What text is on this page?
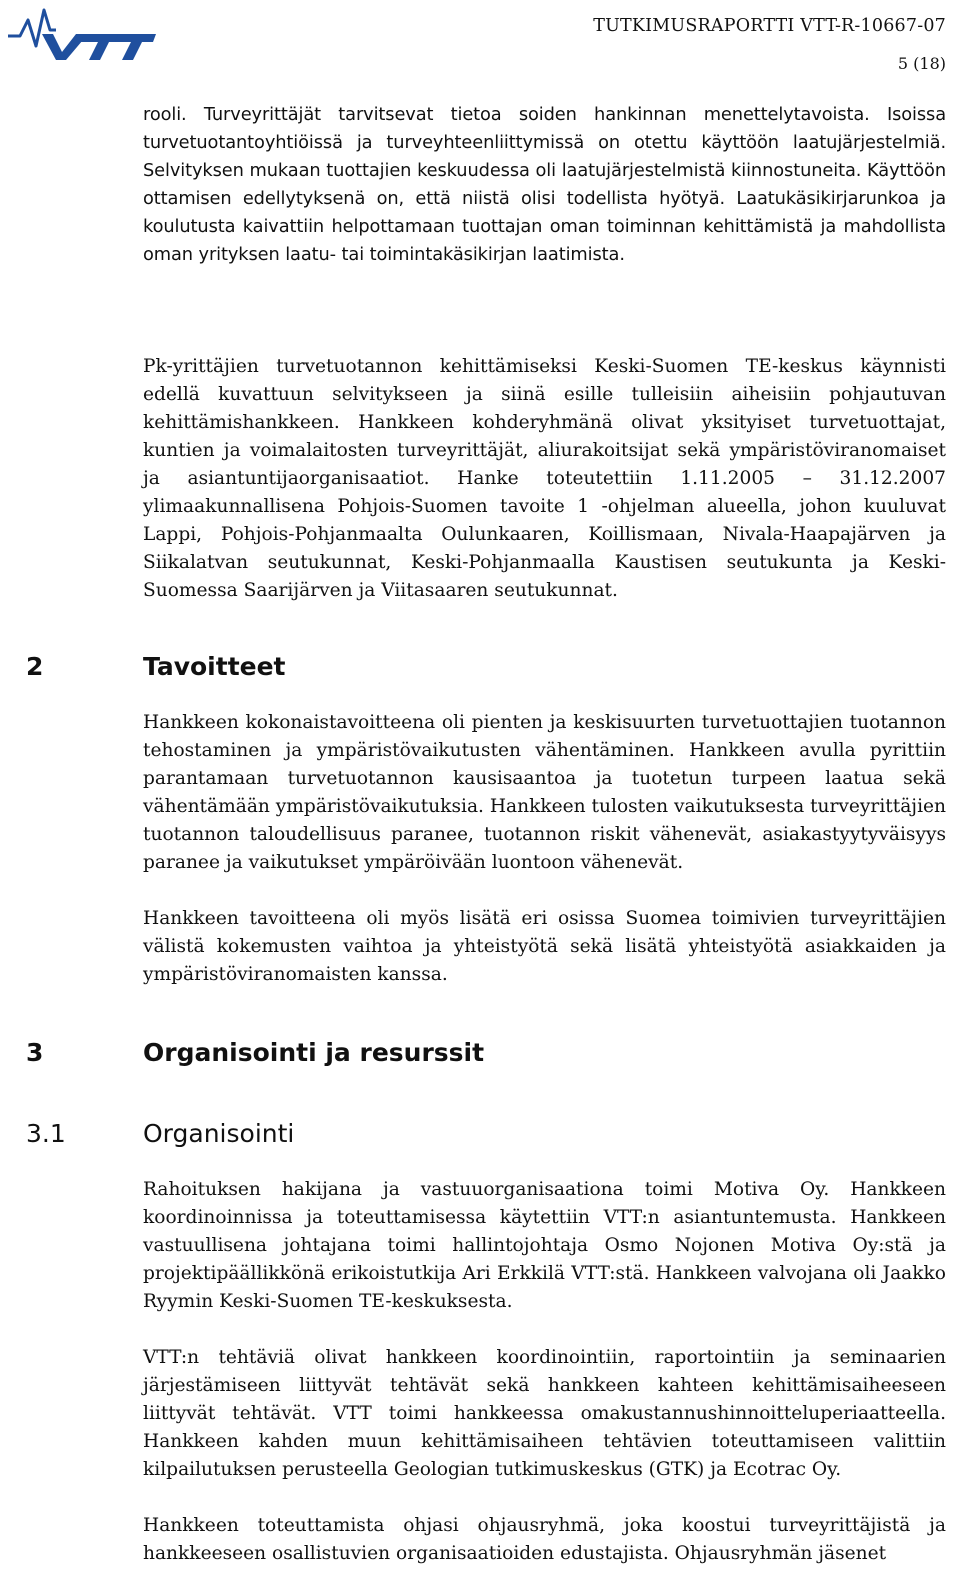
VTT
TUTKIMUSRAPORTTI VTT-R-10667-07
5 (18)

rooli. Turveyrittäjät tarvitsevat tietoa soiden hankinnan menettelytavoista. Isoissa turvetuotantoyhtiöissä ja turveyhteenliittymissä on otettu käyttöön laatujärjestelmiä. Selvityksen mukaan tuottajien keskuudessa oli laatujärjestelmistä kiinnostuneita. Käyttöön ottamisen edellytyksenä on, että niistä olisi todellista hyötyä. Laatukäsikirjarunkoa ja koulutusta kaivattiin helpottamaan tuottajan oman toiminnan kehittämistä ja mahdollista oman yrityksen laatu- tai toimintakäsikirjan laatimista.

Pk-yrittäjien turvetuotannon kehittämiseksi Keski-Suomen TE-keskus käynnisti edellä kuvattuun selvitykseen ja siinä esille tulleisiin aiheisiin pohjautuvan kehittämishankkeen. Hankkeen kohderyhmänä olivat yksityiset turvetuottajat, kuntien ja voimalaitosten turveyrittäjät, aliurakoitsijat sekä ympäristöviranomaiset ja asiantuntijaorganisaatiot. Hanke toteutettiin 1.11.2005 – 31.12.2007 ylimaakunnallisena Pohjois-Suomen tavoite 1 -ohjelman alueella, johon kuuluvat Lappi, Pohjois-Pohjanmaalta Oulunkaaren, Koillismaan, Nivala-Haapajärven ja Siikalatvan seutukunnat, Keski-Pohjanmaalla Kaustisen seutukunta ja Keski-Suomessa Saarijärven ja Viitasaaren seutukunnat.

2	Tavoitteet

Hankkeen kokonaistavoitteena oli pienten ja keskisuurten turvetuottajien tuotannon tehostaminen ja ympäristövaikutusten vähentäminen. Hankkeen avulla pyrittiin parantamaan turvetuotannon kausisaantoa ja tuotetun turpeen laatua sekä vähentämään ympäristövaikutuksia. Hankkeen tulosten vaikutuksesta turveyrittäjien tuotannon taloudellisuus paranee, tuotannon riskit vähenevät, asiakastyytyväisyys paranee ja vaikutukset ympäröivään luontoon vähenevät.

Hankkeen tavoitteena oli myös lisätä eri osissa Suomea toimivien turveyrittäjien välistä kokemusten vaihtoa ja yhteistyötä sekä lisätä yhteistyötä asiakkaiden ja ympäristöviranomaisten kanssa.

3	Organisointi ja resurssit
3.1	Organisointi

Rahoituksen hakijana ja vastuuorganisaationa toimi Motiva Oy. Hankkeen koordinoinnissa ja toteuttamisessa käytettiin VTT:n asiantuntemusta. Hankkeen vastuullisena johtajana toimi hallintojohtaja Osmo Nojonen Motiva Oy:stä ja projektipäällikkönä erikoistutkija Ari Erkkilä VTT:stä. Hankkeen valvojana oli Jaakko Ryymin Keski-Suomen TE-keskuksesta.

VTT:n tehtäviä olivat hankkeen koordinointiin, raportointiin ja seminaarien järjestämiseen liittyvät tehtävät sekä hankkeen kahteen kehittämisaiheeseen liittyvät tehtävät. VTT toimi hankkeessa omakustannushinnoitteluperiaatteella. Hankkeen kahden muun kehittämisaiheen tehtävien toteuttamiseen valittiin kilpailutuksen perusteella Geologian tutkimuskeskus (GTK) ja Ecotrac Oy.

Hankkeen toteuttamista ohjasi ohjausryhmä, joka koostui turveyrittäjistä ja hankkeeseen osallistuvien organisaatioiden edustajista. Ohjausryhmän jäsenet
